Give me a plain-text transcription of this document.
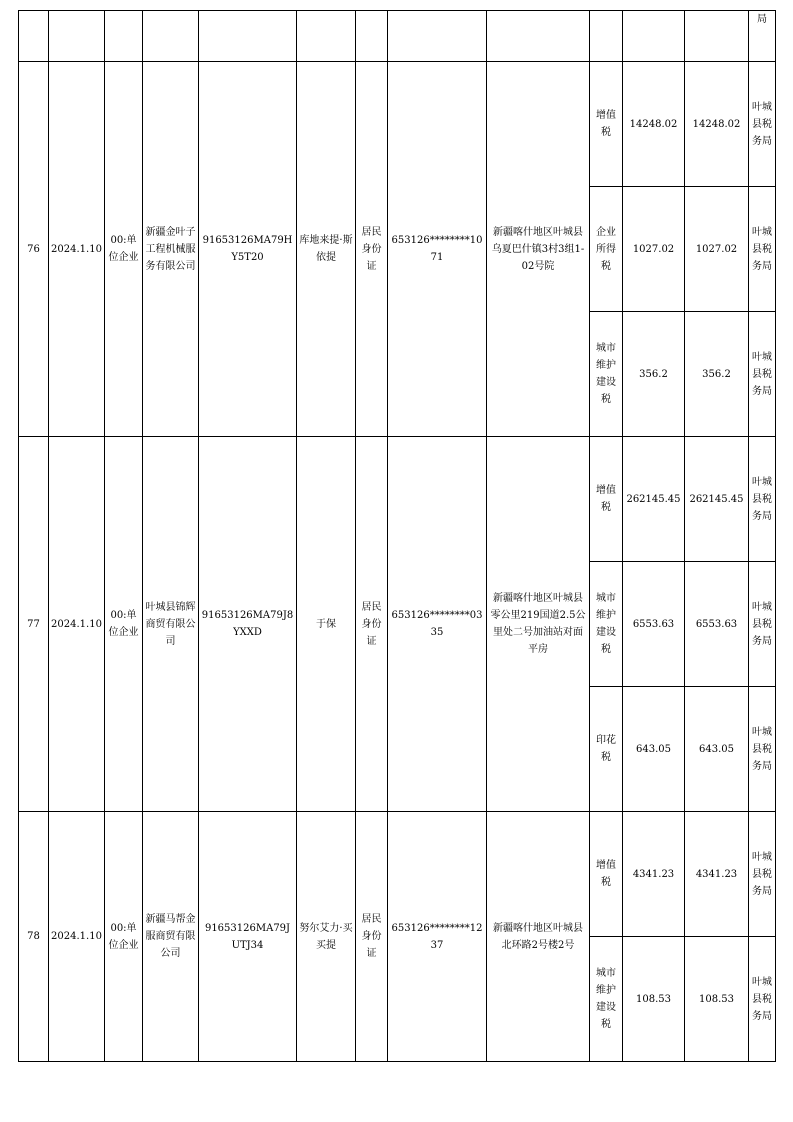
												局
76	2024.1.10	00:单位企业	新疆金叶子工程机械服务有限公司	91653126MA79HY5T20	库地来提·斯依提	居民身份证	653126********1071	新疆喀什地区叶城县乌夏巴什镇3村3组1-02号院	增值税	14248.02	14248.02	叶城县税务局
									企业所得税	1027.02	1027.02	叶城县税务局
									城市维护建设税	356.2	356.2	叶城县税务局
77	2024.1.10	00:单位企业	叶城县锦辉商贸有限公司	91653126MA79J8YXXD	于保	居民身份证	653126********0335	新疆喀什地区叶城县零公里219国道2.5公里处二号加油站对面平房	增值税	262145.45	262145.45	叶城县税务局
									城市维护建设税	6553.63	6553.63	叶城县税务局
									印花税	643.05	643.05	叶城县税务局
78	2024.1.10	00:单位企业	新疆马帮金服商贸有限公司	91653126MA79JUTJ34	努尔艾力·买买提	居民身份证	653126********1237	新疆喀什地区叶城县北环路2号楼2号	增值税	4341.23	4341.23	叶城县税务局
									城市维护建设税	108.53	108.53	叶城县税务局
